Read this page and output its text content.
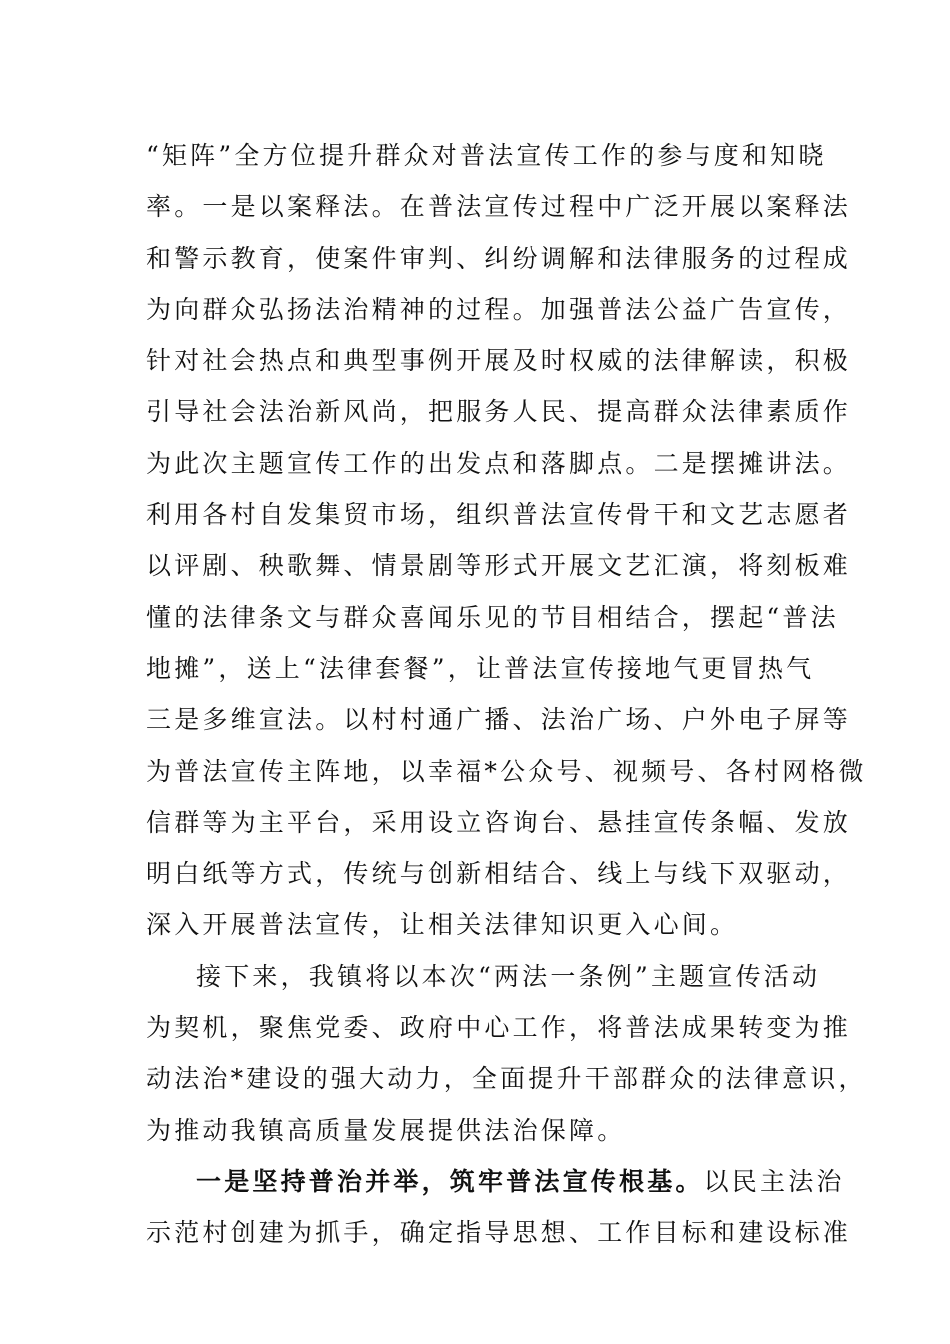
“矩阵”全方位提升群众对普法宣传工作的参与度和知晓
率。一是以案释法。在普法宣传过程中广泛开展以案释法
和警示教育，使案件审判、纠纷调解和法律服务的过程成
为向群众弘扬法治精神的过程。加强普法公益广告宣传，
针对社会热点和典型事例开展及时权威的法律解读，积极
引导社会法治新风尚，把服务人民、提高群众法律素质作
为此次主题宣传工作的出发点和落脚点。二是摆摊讲法。
利用各村自发集贸市场，组织普法宣传骨干和文艺志愿者
以评剧、秧歌舞、情景剧等形式开展文艺汇演，将刻板难
懂的法律条文与群众喜闻乐见的节目相结合，摆起“普法
地摊”，送上“法律套餐”，让普法宣传接地气更冒热气
三是多维宣法。以村村通广播、法治广场、户外电子屏等
为普法宣传主阵地，以幸福*公众号、视频号、各村网格微
信群等为主平台，采用设立咨询台、悬挂宣传条幅、发放
明白纸等方式，传统与创新相结合、线上与线下双驱动，
深入开展普法宣传，让相关法律知识更入心间。
接下来，我镇将以本次“两法一条例”主题宣传活动
为契机，聚焦党委、政府中心工作，将普法成果转变为推
动法治*建设的强大动力，全面提升干部群众的法律意识，
为推动我镇高质量发展提供法治保障。
一是坚持普治并举，筑牢普法宣传根基。以民主法治
示范村创建为抓手，确定指导思想、工作目标和建设标准
